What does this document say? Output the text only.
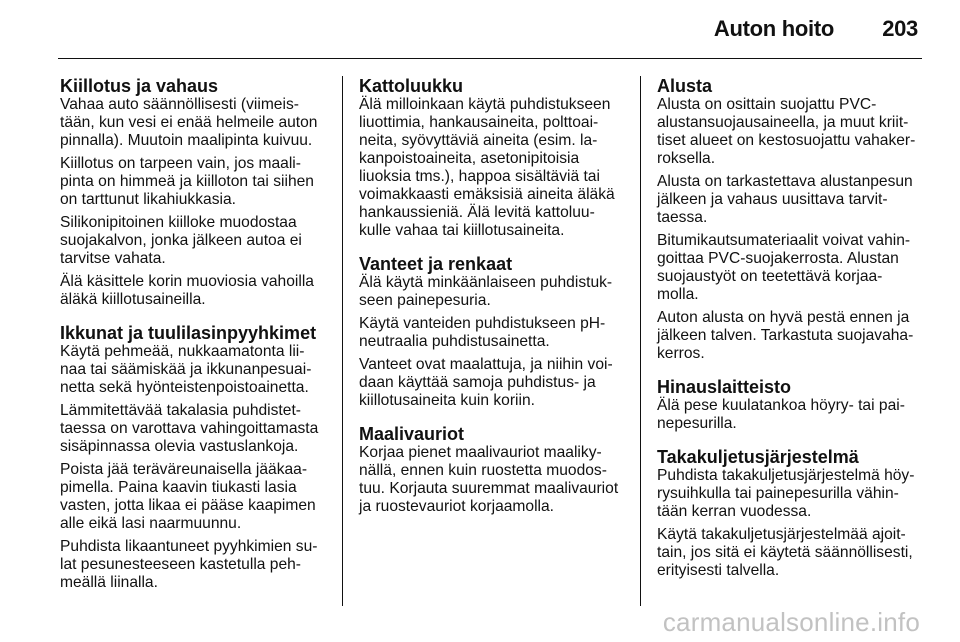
Auton hoito 203
Kiillotus ja vahaus
Vahaa auto säännöllisesti (viimeis-
tään, kun vesi ei enää helmeile auton
pinnalla). Muutoin maalipinta kuivuu.
Kiillotus on tarpeen vain, jos maali-
pinta on himmeä ja kiilloton tai siihen
on tarttunut likahiukkasia.
Silikonipitoinen kiilloke muodostaa
suojakalvon, jonka jälkeen autoa ei
tarvitse vahata.
Älä käsittele korin muoviosia vahoilla
äläkä kiillotusaineilla.
Ikkunat ja tuulilasinpyyhkimet
Käytä pehmeää, nukkaamatonta lii-
naa tai säämiskää ja ikkunanpesuai-
netta sekä hyönteistenpoistoainetta.
Lämmitettävää takalasia puhdistet-
taessa on varottava vahingoittamasta
sisäpinnassa olevia vastuslankoja.
Poista jää teräväreunaisella jääkaa-
pimella. Paina kaavin tiukasti lasia
vasten, jotta likaa ei pääse kaapimen
alle eikä lasi naarmuunnu.
Puhdista likaantuneet pyyhkimien su-
lat pesunesteeseen kastetulla peh-
meällä liinalla.
Kattoluukku
Älä milloinkaan käytä puhdistukseen
liuottimia, hankausaineita, polttoai-
neita, syövyttäviä aineita (esim. la-
kanpoistoaineita, asetonipitoisia
liuoksia tms.), happoa sisältäviä tai
voimakkaasti emäksisiä aineita äläkä
hankaussieniä. Älä levitä kattoluu-
kulle vahaa tai kiillotusaineita.
Vanteet ja renkaat
Älä käytä minkäänlaiseen puhdistuk-
seen painepesuria.
Käytä vanteiden puhdistukseen pH-
neutraalia puhdistusainetta.
Vanteet ovat maalattuja, ja niihin voi-
daan käyttää samoja puhdistus- ja
kiillotusaineita kuin koriin.
Maalivauriot
Korjaa pienet maalivauriot maaliky-
nällä, ennen kuin ruostetta muodos-
tuu. Korjauta suuremmat maalivauriot
ja ruostevauriot korjaamolla.
Alusta
Alusta on osittain suojattu PVC-
alustansuojausaineella, ja muut kriit-
tiset alueet on kestosuojattu vahaker-
roksella.
Alusta on tarkastettava alustanpesun
jälkeen ja vahaus uusittava tarvit-
taessa.
Bitumikautsumateriaalit voivat vahin-
goittaa PVC-suojakerrosta. Alustan
suojaustyöt on teetettävä korjaa-
molla.
Auton alusta on hyvä pestä ennen ja
jälkeen talven. Tarkastuta suojavaha-
kerros.
Hinauslaitteisto
Älä pese kuulatankoa höyry- tai pai-
nepesurilla.
Takakuljetusjärjestelmä
Puhdista takakuljetusjärjestelmä höy-
rysuihkulla tai painepesurilla vähin-
tään kerran vuodessa.
Käytä takakuljetusjärjestelmää ajoit-
tain, jos sitä ei käytetä säännöllisesti,
erityisesti talvella.
carmanualsonline.info
